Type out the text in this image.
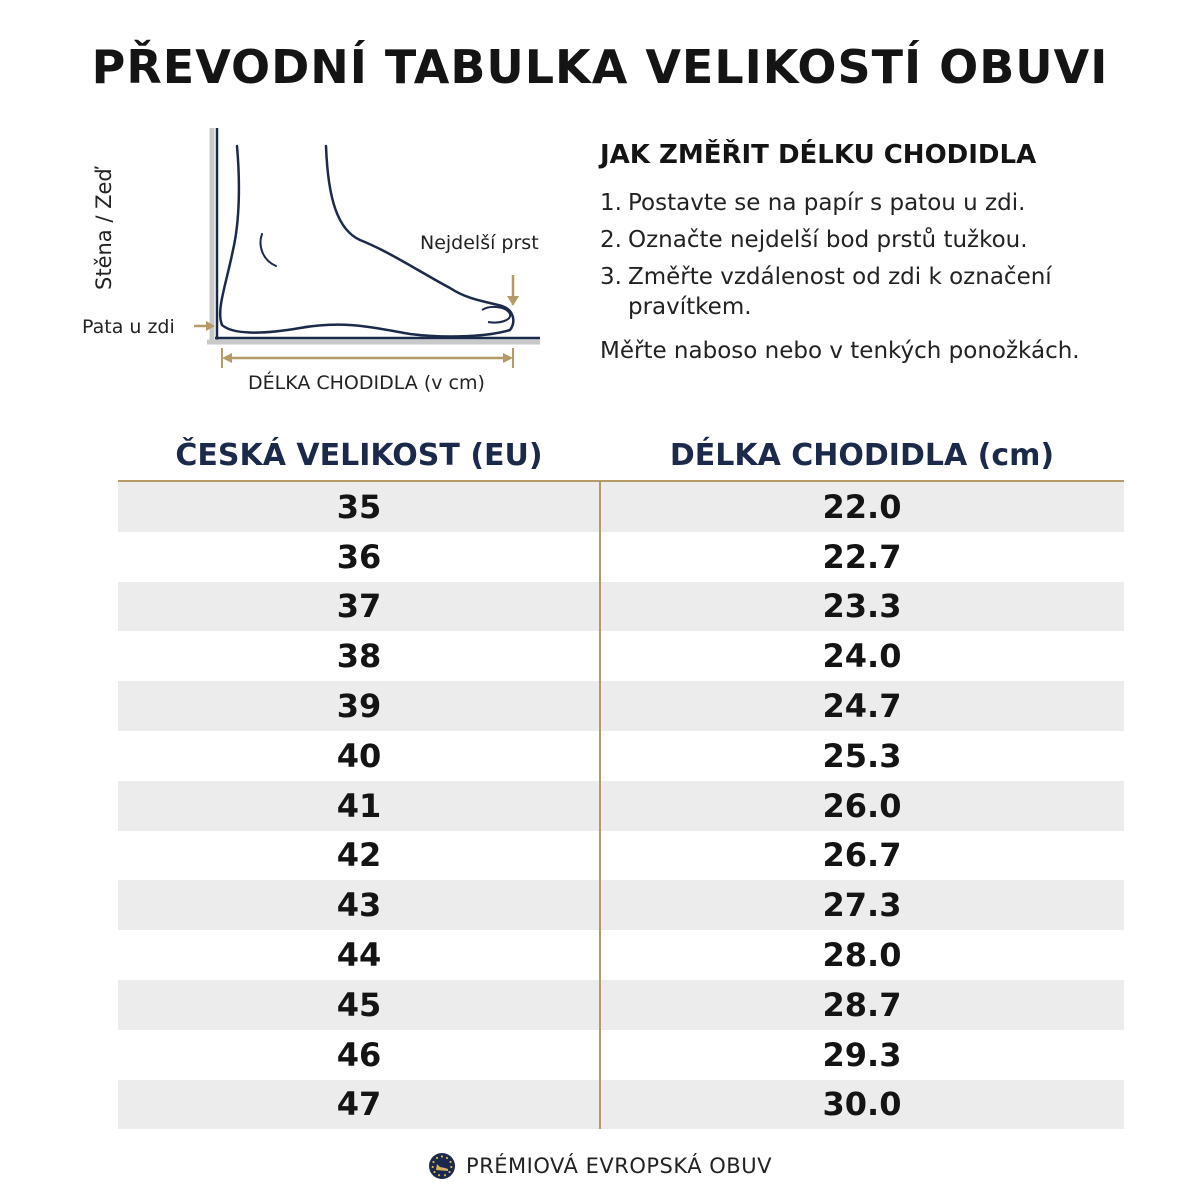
PŘEVODNÍ TABULKA VELIKOSTÍ OBUVI
Nejdelší prst
Pata u zdi
DÉLKA CHODIDLA (v cm)
Stěna / Zeď
JAK ZMĚŘIT DÉLKU CHODIDLA
1. Postavte se na papír s patou u zdi.
2. Označte nejdelší bod prstů tužkou.
3. Změřte vzdálenost od zdi k označení pravítkem.
Měřte naboso nebo v tenkých ponožkách.
ČESKÁ VELIKOST (EU)	DÉLKA CHODIDLA (cm)
35	22.0
36	22.7
37	23.3
38	24.0
39	24.7
40	25.3
41	26.0
42	26.7
43	27.3
44	28.0
45	28.7
46	29.3
47	30.0
PRÉMIOVÁ EVROPSKÁ OBUV
